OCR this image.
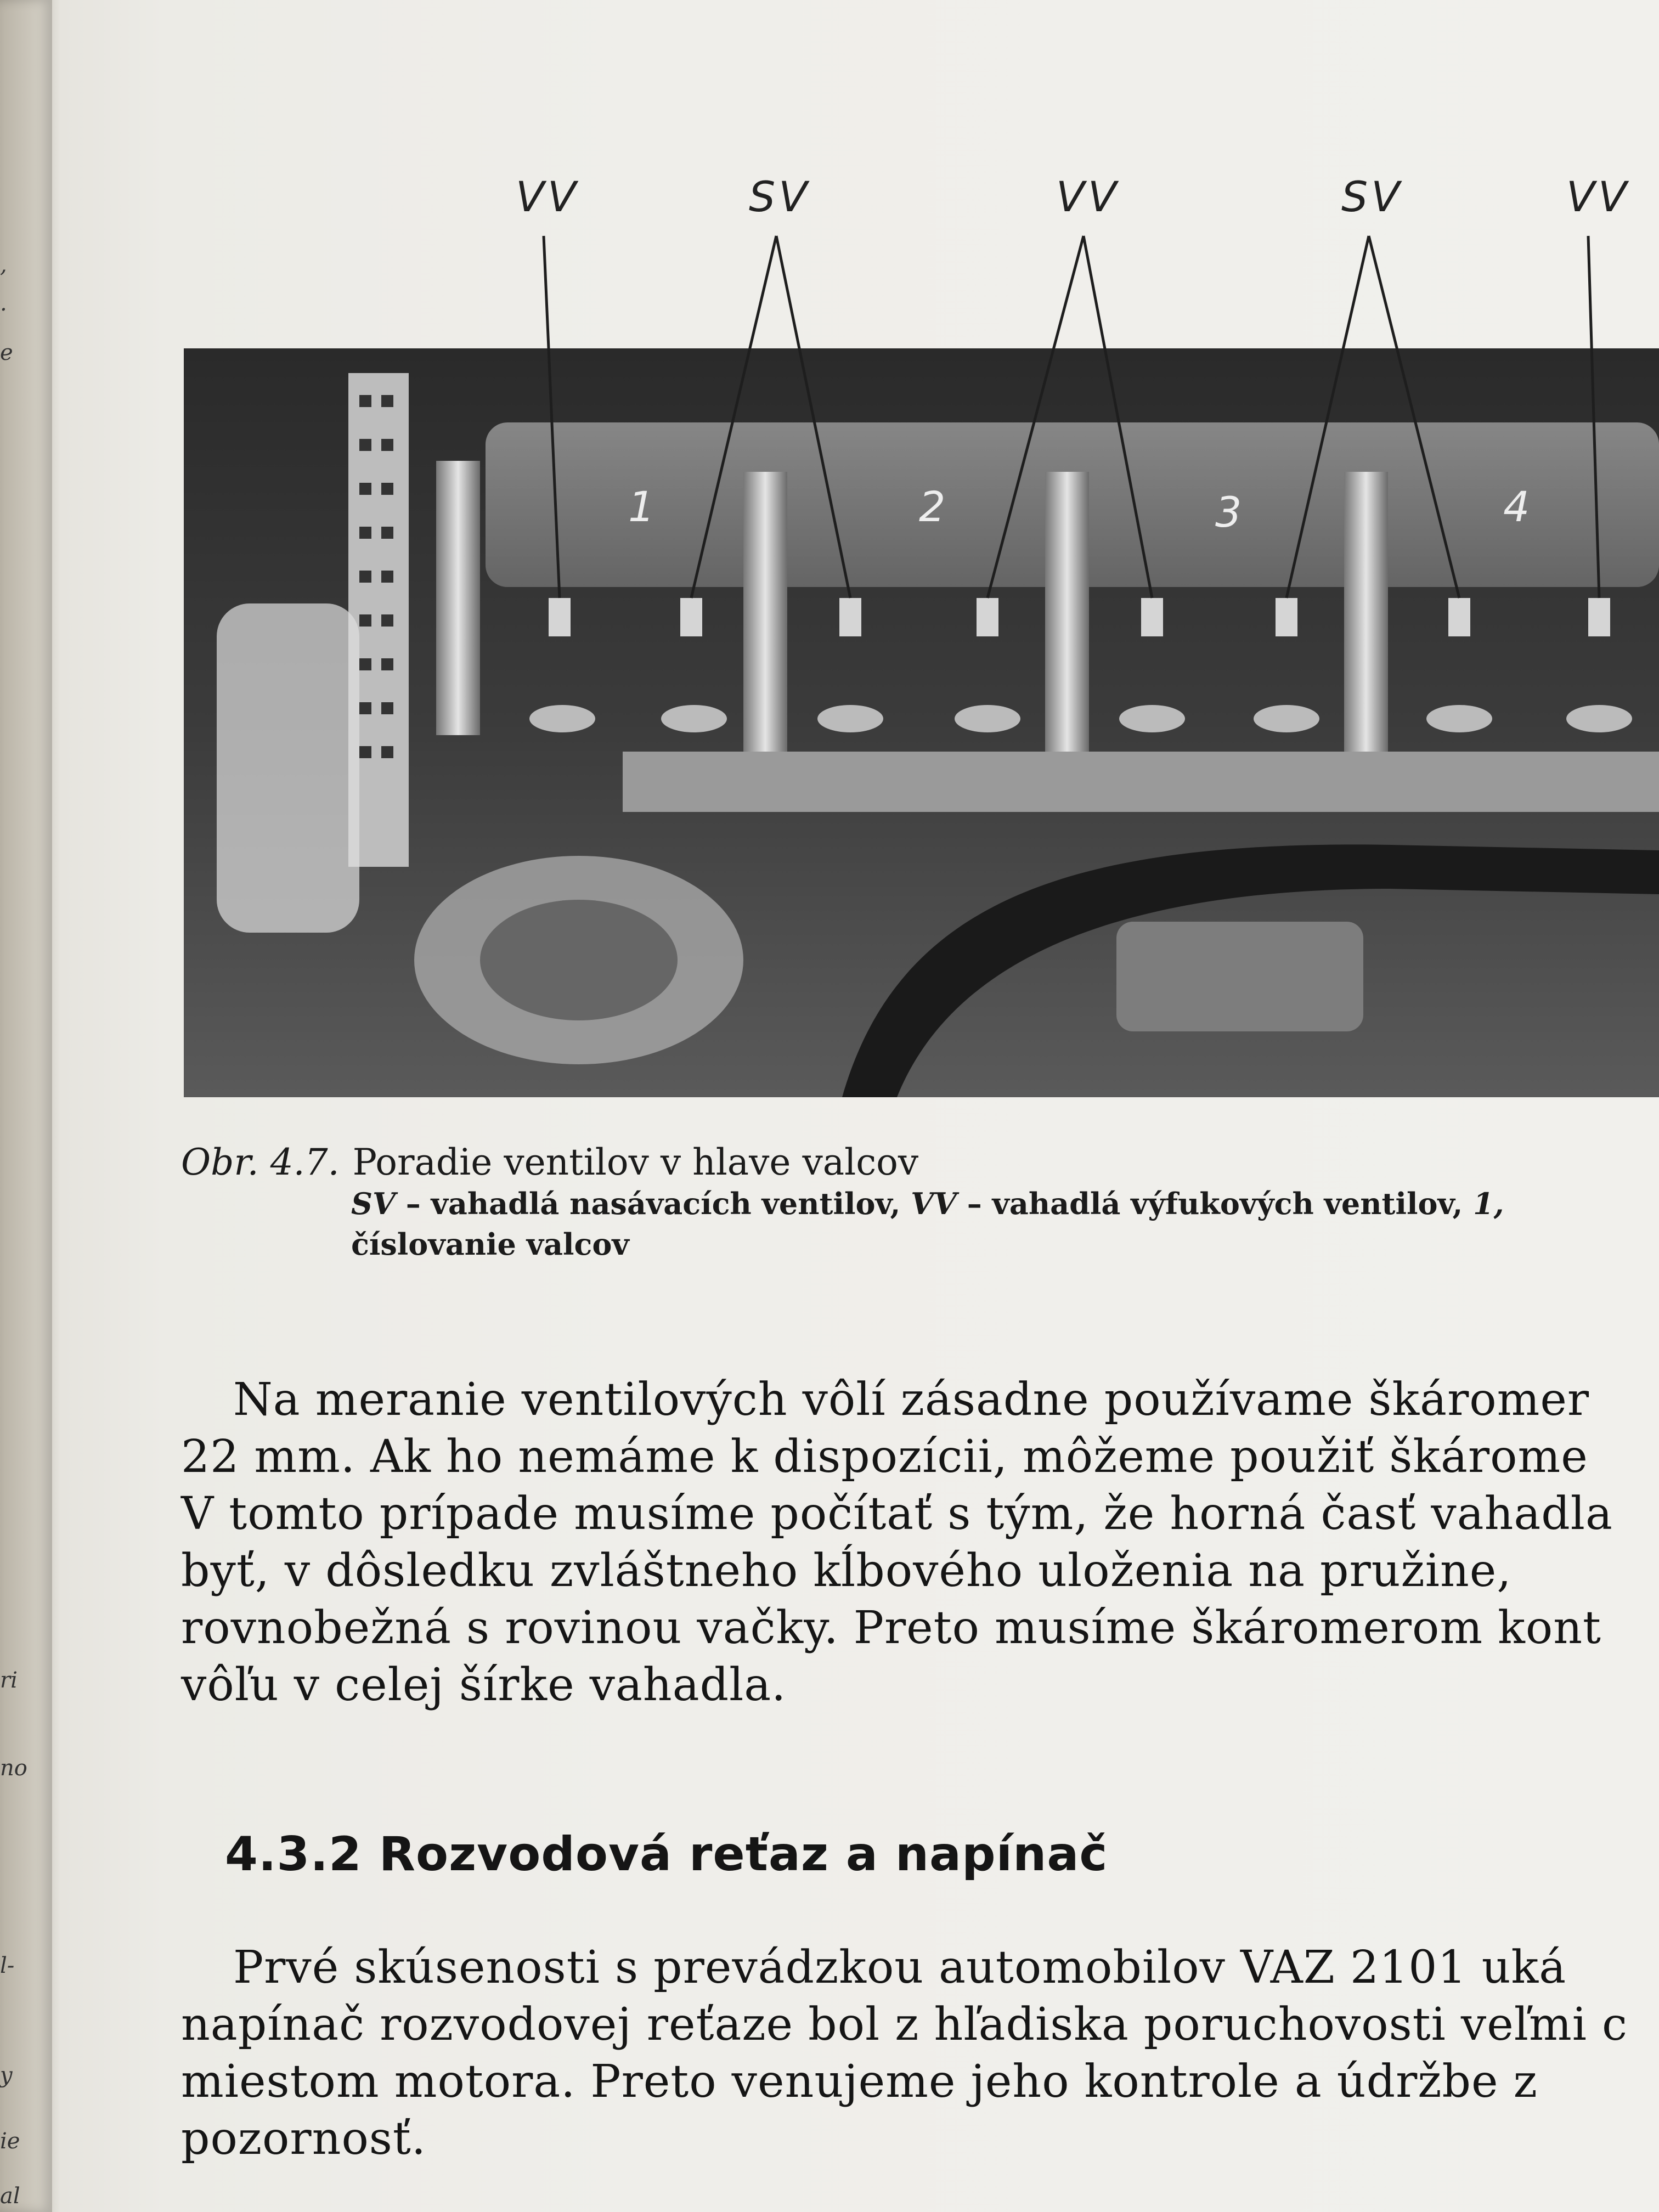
,
.
e
ri
no
l-
y
ie
al
VV	SV	VV	SV	VV
1	2	3	4
Obr. 4.7. Poradie ventilov v hlave valcov
SV – vahadlá nasávacích ventilov, VV – vahadlá výfukových ventilov, 1,
číslovanie valcov
Na meranie ventilových vôlí zásadne používame škáromer
22 mm. Ak ho nemáme k dispozícii, môžeme použiť škárome
V tomto prípade musíme počítať s tým, že horná časť vahadla
byť, v dôsledku zvláštneho kĺbového uloženia na pružine,
rovnobežná s rovinou vačky. Preto musíme škáromerom kont
vôľu v celej šírke vahadla.
4.3.2 Rozvodová reťaz a napínač
Prvé skúsenosti s prevádzkou automobilov VAZ 2101 uká
napínač rozvodovej reťaze bol z hľadiska poruchovosti veľmi c
miestom motora. Preto venujeme jeho kontrole a údržbe z
pozornosť.
